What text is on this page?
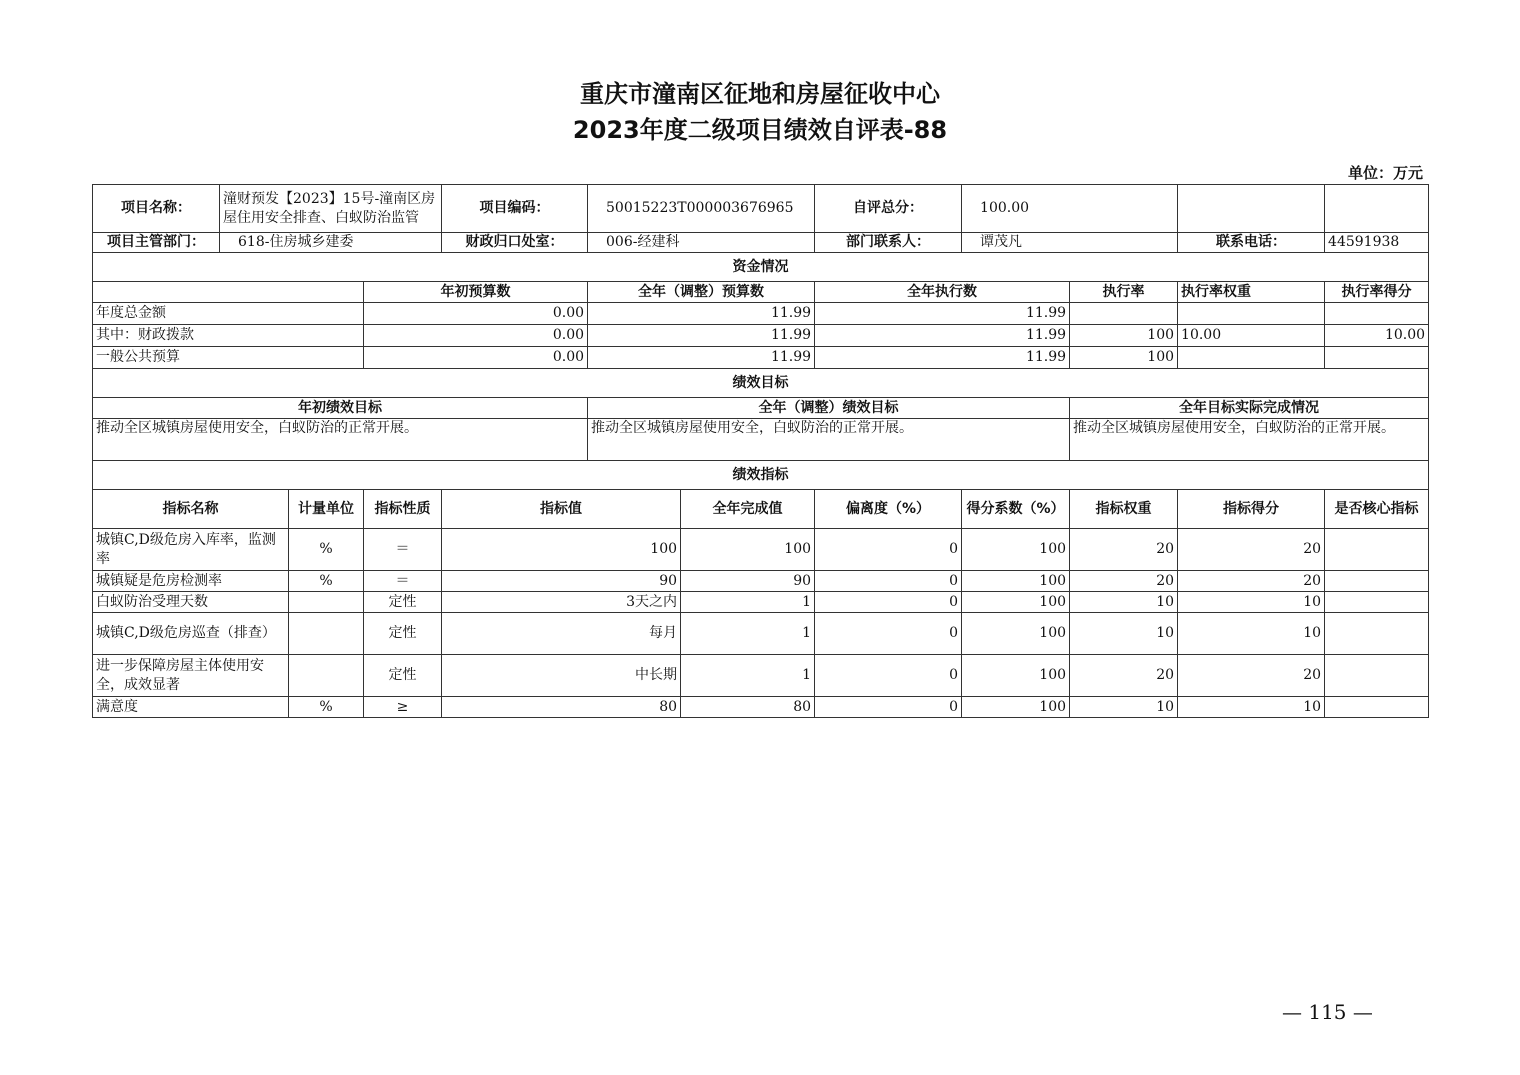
重庆市潼南区征地和房屋征收中心
2023年度二级项目绩效自评表-88
单位：万元
项目名称：	潼财预发【2023】15号-潼南区房屋住用安全排查、白蚁防治监管			项目编码：	50015223T000003676965		自评总分：	100.00				
项目主管部门：	618-住房城乡建委			财政归口处室：	006-经建科		部门联系人：	谭茂凡		联系电话：	44591938	
资金情况												
			年初预算数		全年（调整）预算数		全年执行数		执行率	执行率权重	执行率得分	
年度总金额			0.00		11.99		11.99					
其中：财政拨款			0.00		11.99		11.99		100	10.00	10.00	
一般公共预算			0.00		11.99		11.99		100			
绩效目标												
年初绩效目标					全年（调整）绩效目标				全年目标实际完成情况			
推动全区城镇房屋使用安全，白蚁防治的正常开展。					推动全区城镇房屋使用安全，白蚁防治的正常开展。				推动全区城镇房屋使用安全，白蚁防治的正常开展。			
绩效指标												
指标名称		计量单位	指标性质	指标值		全年完成值	偏离度（%）	得分系数（%）	指标权重	指标得分	是否核心指标	
城镇C,D级危房入库率，监测率		%	＝	100		100	0	100	20	20		
城镇疑是危房检测率		%	＝	90		90	0	100	20	20		
白蚁防治受理天数			定性	3天之内		1	0	100	10	10		
城镇C,D级危房巡查（排查）			定性	每月		1	0	100	10	10		
进一步保障房屋主体使用安全，成效显著			定性	中长期		1	0	100	20	20		
满意度		%	≥	80		80	0	100	10	10		
— 115 —
